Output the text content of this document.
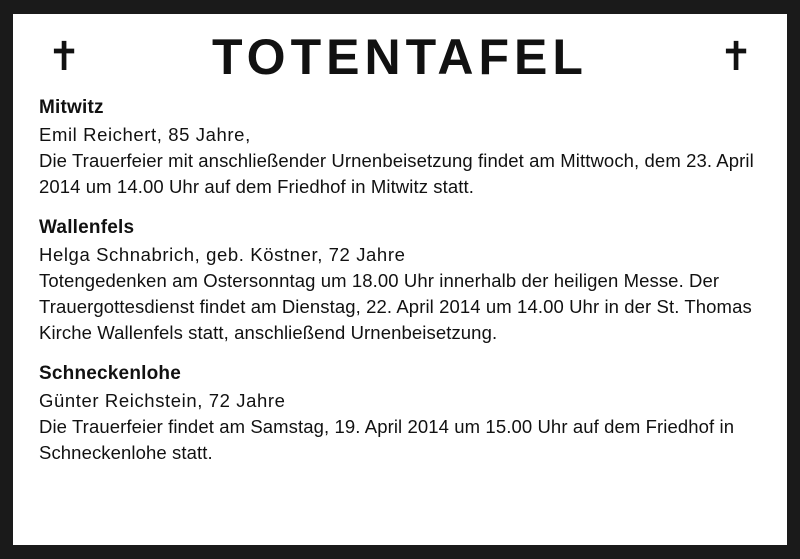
✝	TOTENTAFEL	✝
Mitwitz
Emil Reichert, 85 Jahre,
Die Trauerfeier mit anschließender Urnenbeisetzung findet am Mittwoch, dem 23. April 2014 um 14.00 Uhr auf dem Friedhof in Mitwitz statt.
Wallenfels
Helga Schnabrich, geb. Köstner, 72 Jahre
Totengedenken am Ostersonntag um 18.00 Uhr innerhalb der heiligen Messe. Der Trauergottesdienst findet am Dienstag, 22. April 2014 um 14.00 Uhr in der St. Thomas Kirche Wallenfels statt, anschließend Urnenbeisetzung.
Schneckenlohe
Günter Reichstein, 72 Jahre
Die Trauerfeier findet am Samstag, 19. April 2014 um 15.00 Uhr auf dem Friedhof in Schneckenlohe statt.
